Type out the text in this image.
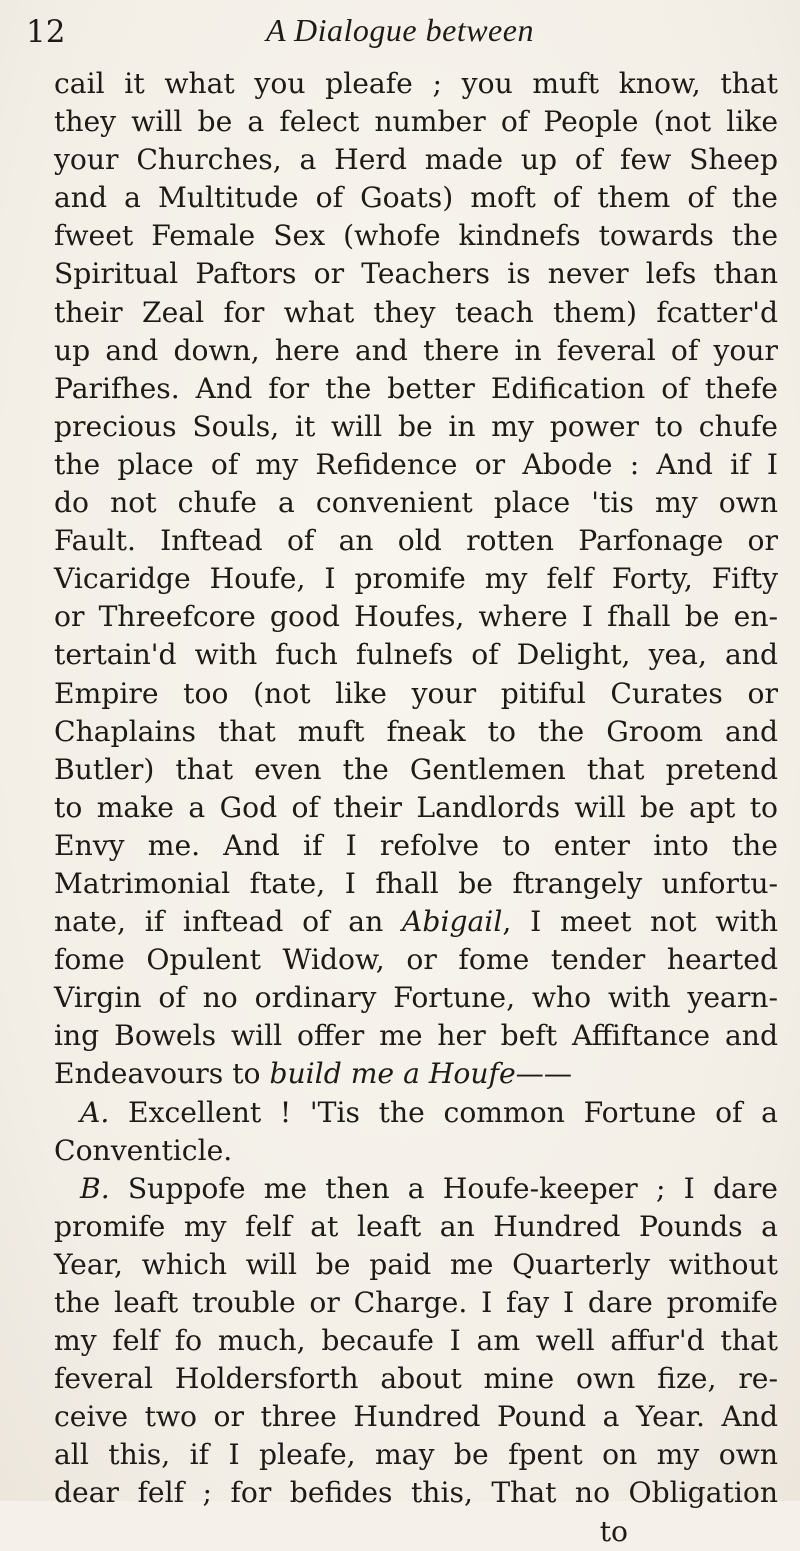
12	A Dialogue between
cail it what you pleafe ; you muft know, that
they will be a felect number of People (not like
your Churches, a Herd made up of few Sheep
and a Multitude of Goats) moft of them of the
fweet Female Sex (whofe kindnefs towards the
Spiritual Paftors or Teachers is never lefs than
their Zeal for what they teach them) fcatter'd
up and down, here and there in feveral of your
Parifhes. And for the better Edification of thefe
precious Souls, it will be in my power to chufe
the place of my Refidence or Abode : And if I
do not chufe a convenient place 'tis my own
Fault. Inftead of an old rotten Parfonage or
Vicaridge Houfe, I promife my felf Forty, Fifty
or Threefcore good Houfes, where I fhall be en-
tertain'd with fuch fulnefs of Delight, yea, and
Empire too (not like your pitiful Curates or
Chaplains that muft fneak to the Groom and
Butler) that even the Gentlemen that pretend
to make a God of their Landlords will be apt to
Envy me. And if I refolve to enter into the
Matrimonial ftate, I fhall be ftrangely unfortu-
nate, if inftead of an Abigail, I meet not with
fome Opulent Widow, or fome tender hearted
Virgin of no ordinary Fortune, who with yearn-
ing Bowels will offer me her beft Affiftance and
Endeavours to build me a Houfe——
A. Excellent ! 'Tis the common Fortune of a
Conventicle.
B. Suppofe me then a Houfe-keeper ; I dare
promife my felf at leaft an Hundred Pounds a
Year, which will be paid me Quarterly without
the leaft trouble or Charge. I fay I dare promife
my felf fo much, becaufe I am well affur'd that
feveral Holdersforth about mine own fize, re-
ceive two or three Hundred Pound a Year. And
all this, if I pleafe, may be fpent on my own
dear felf ; for befides this, That no Obligation
to
